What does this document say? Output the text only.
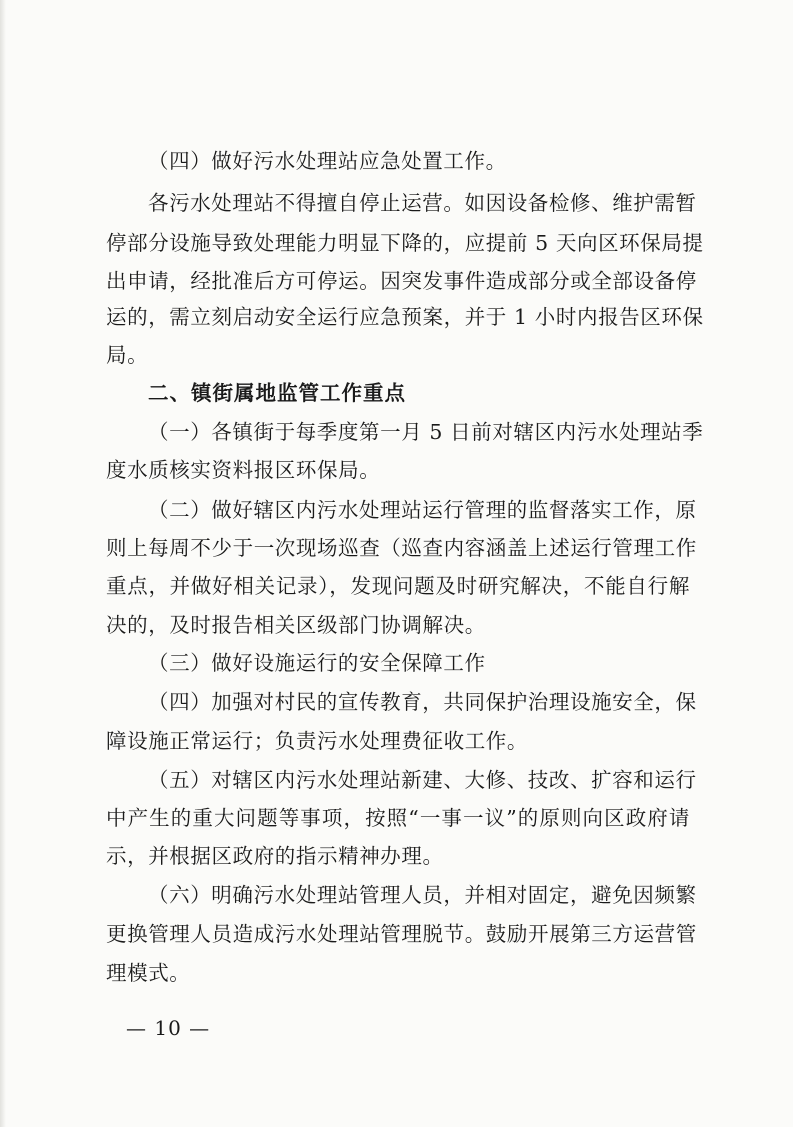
（四）做好污水处理站应急处置工作。
各污水处理站不得擅自停止运营。如因设备检修、维护需暂
停部分设施导致处理能力明显下降的，应提前 5 天向区环保局提
出申请，经批准后方可停运。因突发事件造成部分或全部设备停
运的，需立刻启动安全运行应急预案，并于 1 小时内报告区环保
局。
二、镇街属地监管工作重点
（一）各镇街于每季度第一月 5 日前对辖区内污水处理站季
度水质核实资料报区环保局。
（二）做好辖区内污水处理站运行管理的监督落实工作，原
则上每周不少于一次现场巡查（巡查内容涵盖上述运行管理工作
重点，并做好相关记录），发现问题及时研究解决，不能自行解
决的，及时报告相关区级部门协调解决。
（三）做好设施运行的安全保障工作
（四）加强对村民的宣传教育，共同保护治理设施安全，保
障设施正常运行；负责污水处理费征收工作。
（五）对辖区内污水处理站新建、大修、技改、扩容和运行
中产生的重大问题等事项，按照“一事一议”的原则向区政府请
示，并根据区政府的指示精神办理。
（六）明确污水处理站管理人员，并相对固定，避免因频繁
更换管理人员造成污水处理站管理脱节。鼓励开展第三方运营管
理模式。
— 10 —
